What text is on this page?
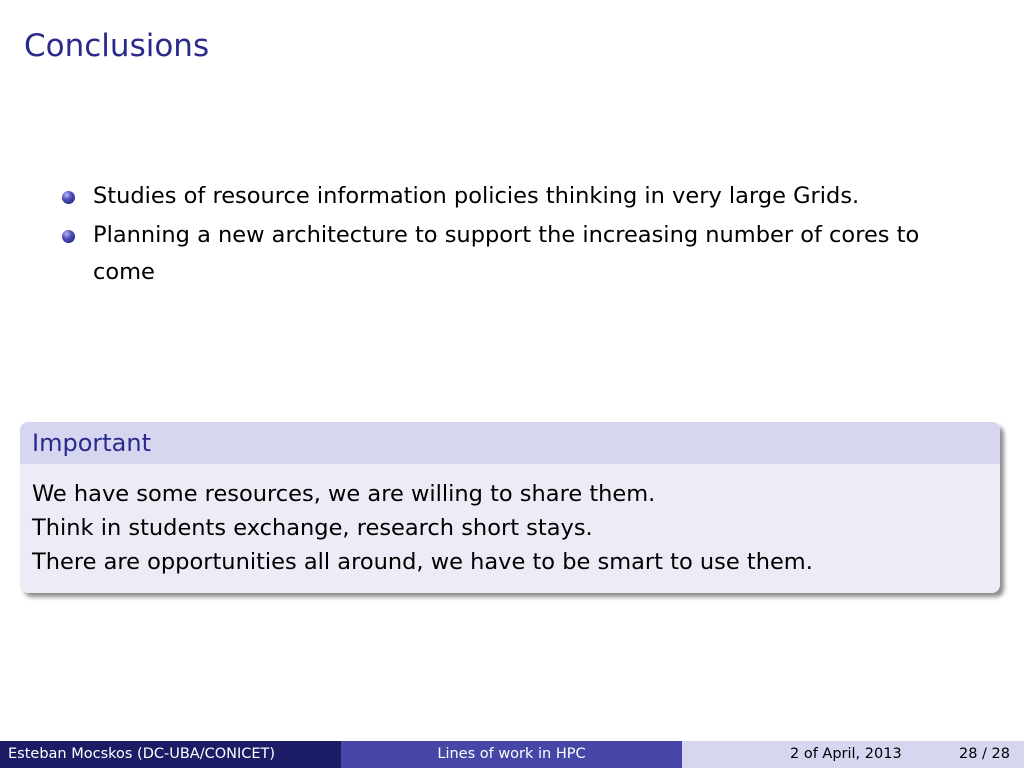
Conclusions
Studies of resource information policies thinking in very large Grids.
Planning a new architecture to support the increasing number of cores to come
Important
We have some resources, we are willing to share them.
Think in students exchange, research short stays.
There are opportunities all around, we have to be smart to use them.
Esteban Mocskos (DC-UBA/CONICET)	Lines of work in HPC	2 of April, 2013	28 / 28
